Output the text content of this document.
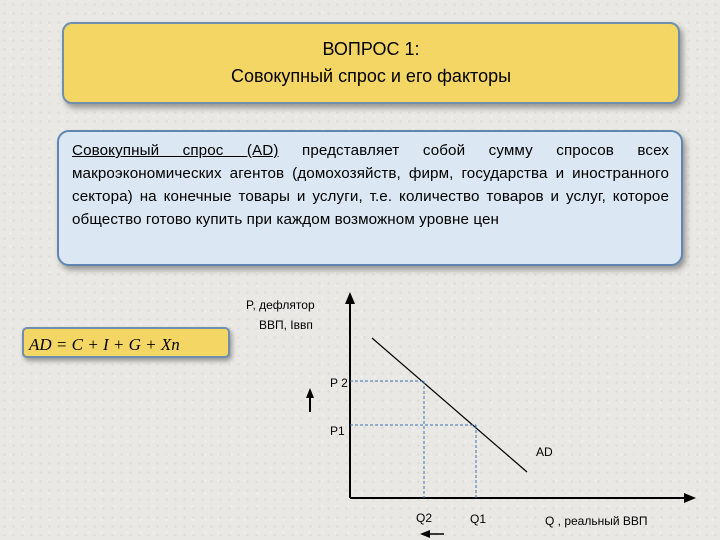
ВОПРОС 1:
Совокупный спрос и его факторы
Совокупный спрос (AD) представляет собой сумму спросов всех макроэкономических агентов (домохозяйств, фирм, государства и иностранного сектора) на конечные товары и услуги, т.е. количество товаров и услуг, которое общество готово купить при каждом возможном уровне цен
AD = C + I + G + Xn
P, дефлятор
ВВП, Iввп
P 2
P1
AD
Q2	Q1	Q , реальный ВВП
